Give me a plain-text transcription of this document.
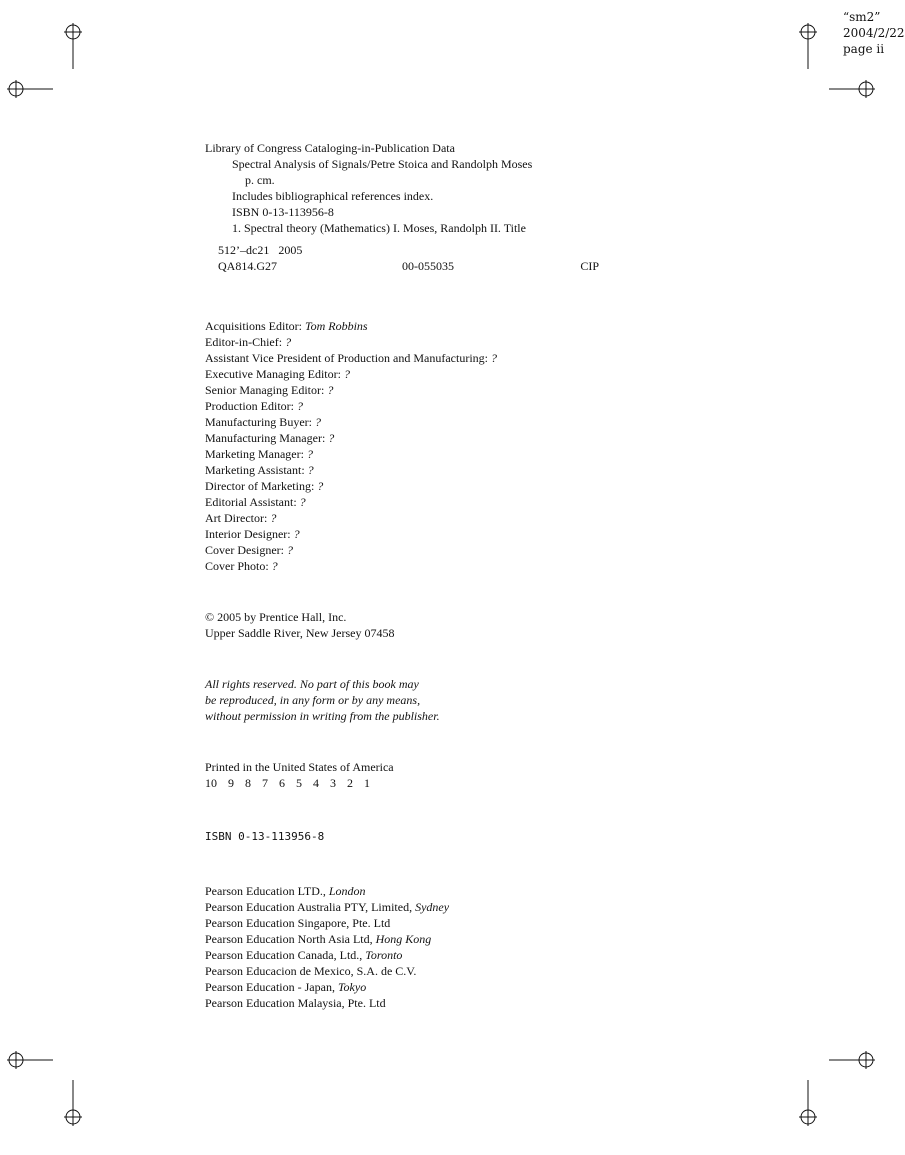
“sm2”
2004/2/22
page ii
Library of Congress Cataloging-in-Publication Data
Spectral Analysis of Signals/Petre Stoica and Randolph Moses
p. cm.
Includes bibliographical references index.
ISBN 0-13-113956-8
1. Spectral theory (Mathematics) I. Moses, Randolph II. Title
512’–dc21   2005
QA814.G27	00-055035	CIP
Acquisitions Editor: Tom Robbins
Editor-in-Chief: ?
Assistant Vice President of Production and Manufacturing: ?
Executive Managing Editor: ?
Senior Managing Editor: ?
Production Editor: ?
Manufacturing Buyer: ?
Manufacturing Manager: ?
Marketing Manager: ?
Marketing Assistant: ?
Director of Marketing: ?
Editorial Assistant: ?
Art Director: ?
Interior Designer: ?
Cover Designer: ?
Cover Photo: ?
© 2005 by Prentice Hall, Inc.
Upper Saddle River, New Jersey 07458
All rights reserved. No part of this book may
be reproduced, in any form or by any means,
without permission in writing from the publisher.
Printed in the United States of America
10 9 8 7 6 5 4 3 2 1
ISBN 0-13-113956-8
Pearson Education LTD., London
Pearson Education Australia PTY, Limited, Sydney
Pearson Education Singapore, Pte. Ltd
Pearson Education North Asia Ltd, Hong Kong
Pearson Education Canada, Ltd., Toronto
Pearson Educacion de Mexico, S.A. de C.V.
Pearson Education - Japan, Tokyo
Pearson Education Malaysia, Pte. Ltd
